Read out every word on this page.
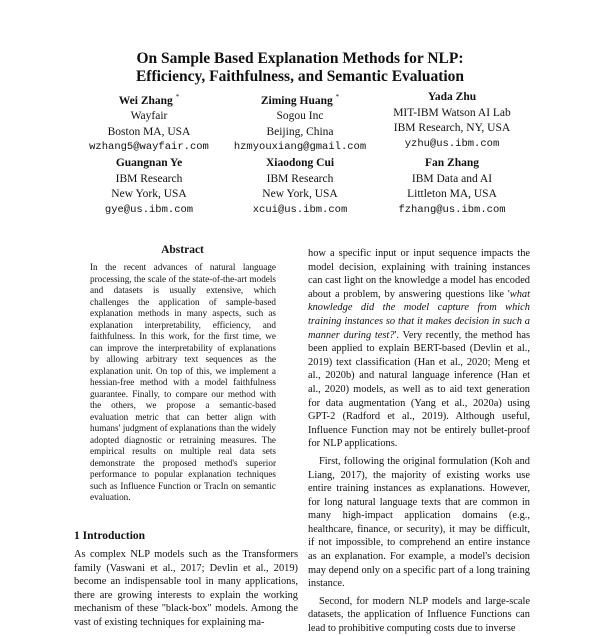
On Sample Based Explanation Methods for NLP:
Efficiency, Faithfulness, and Semantic Evaluation
Wei Zhang *
Wayfair
Boston MA, USA
wzhang5@wayfair.com
Ziming Huang *
Sogou Inc
Beijing, China
hzmyouxiang@gmail.com
Yada Zhu
MIT-IBM Watson AI Lab
IBM Research, NY, USA
yzhu@us.ibm.com
Guangnan Ye
IBM Research
New York, USA
gye@us.ibm.com
Xiaodong Cui
IBM Research
New York, USA
xcui@us.ibm.com
Fan Zhang
IBM Data and AI
Littleton MA, USA
fzhang@us.ibm.com
Abstract

In the recent advances of natural language processing, the scale of the state-of-the-art models and datasets is usually extensive, which challenges the application of sample-based explanation methods in many aspects, such as explanation interpretability, efficiency, and faithfulness. In this work, for the first time, we can improve the interpretability of explanations by allowing arbitrary text sequences as the explanation unit. On top of this, we implement a hessian-free method with a model faithfulness guarantee. Finally, to compare our method with the others, we propose a semantic-based evaluation metric that can better align with humans' judgment of explanations than the widely adopted diagnostic or retraining measures. The empirical results on multiple real data sets demonstrate the proposed method's superior performance to popular explanation techniques such as Influence Function or TracIn on semantic evaluation.

1 Introduction

As complex NLP models such as the Transformers family (Vaswani et al., 2017; Devlin et al., 2019) become an indispensable tool in many applications, there are growing interests to explain the working mechanism of these "black-box" models. Among the vast of existing techniques for explaining ma-

how a specific input or input sequence impacts the model decision, explaining with training instances can cast light on the knowledge a model has encoded about a problem, by answering questions like 'what knowledge did the model capture from which training instances so that it makes decision in such a manner during test?'. Very recently, the method has been applied to explain BERT-based (Devlin et al., 2019) text classification (Han et al., 2020; Meng et al., 2020b) and natural language inference (Han et al., 2020) models, as well as to aid text generation for data augmentation (Yang et al., 2020a) using GPT-2 (Radford et al., 2019). Although useful, Influence Function may not be entirely bullet-proof for NLP applications.

First, following the original formulation (Koh and Liang, 2017), the majority of existing works use entire training instances as explanations. However, for long natural language texts that are common in many high-impact application domains (e.g., healthcare, finance, or security), it may be difficult, if not impossible, to comprehend an entire instance as an explanation. For example, a model's decision may depend only on a specific part of a long training instance.

Second, for modern NLP models and large-scale datasets, the application of Influence Functions can lead to prohibitive computing costs due to inverse
